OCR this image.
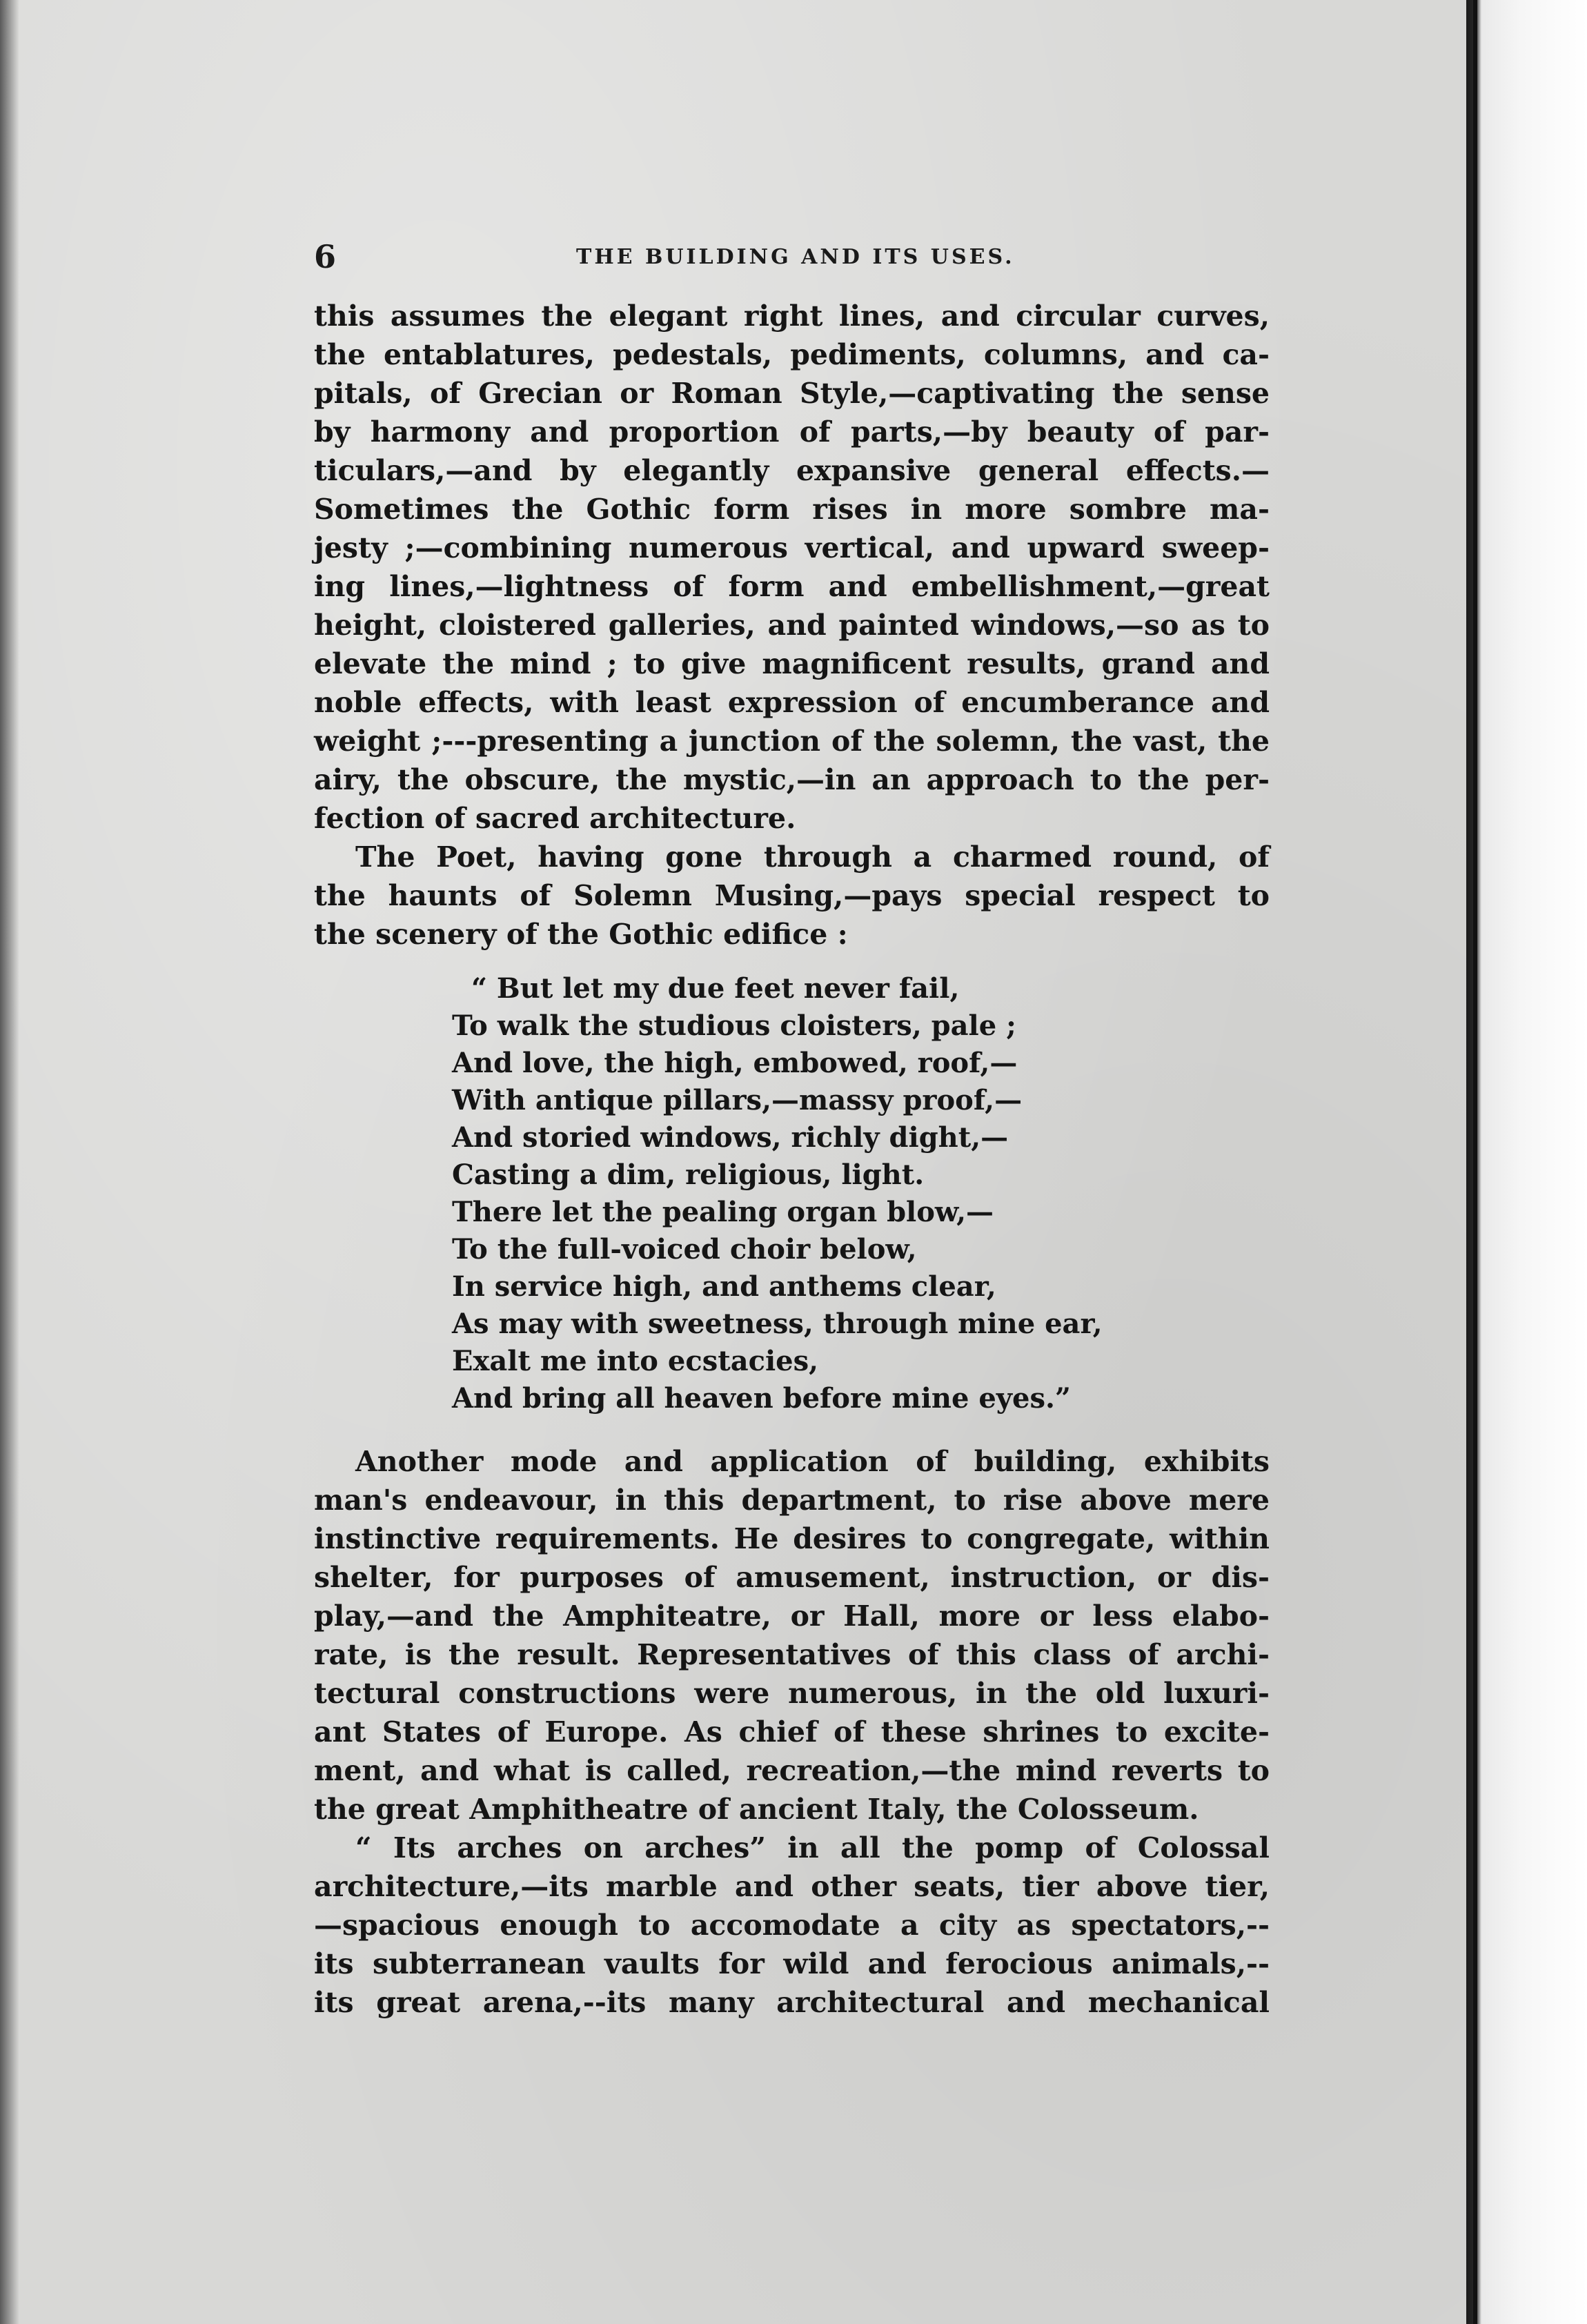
6	THE BUILDING AND ITS USES.
this assumes the elegant right lines, and circular curves,
the entablatures, pedestals, pediments, columns, and ca-
pitals, of Grecian or Roman Style,—captivating the sense
by harmony and proportion of parts,—by beauty of par-
ticulars,—and by elegantly expansive general effects.—
Sometimes the Gothic form rises in more sombre ma-
jesty ;—combining numerous vertical, and upward sweep-
ing lines,—lightness of form and embellishment,—great
height, cloistered galleries, and painted windows,—so as to
elevate the mind ; to give magnificent results, grand and
noble effects, with least expression of encumberance and
weight ;---presenting a junction of the solemn, the vast, the
airy, the obscure, the mystic,—in an approach to the per-
fection of sacred architecture.
The Poet, having gone through a charmed round, of
the haunts of Solemn Musing,—pays special respect to
the scenery of the Gothic edifice :
“ But let my due feet never fail,
To walk the studious cloisters, pale ;
And love, the high, embowed, roof,—
With antique pillars,—massy proof,—
And storied windows, richly dight,—
Casting a dim, religious, light.
There let the pealing organ blow,—
To the full-voiced choir below,
In service high, and anthems clear,
As may with sweetness, through mine ear,
Exalt me into ecstacies,
And bring all heaven before mine eyes.”
Another mode and application of building, exhibits
man's endeavour, in this department, to rise above mere
instinctive requirements. He desires to congregate, within
shelter, for purposes of amusement, instruction, or dis-
play,—and the Amphiteatre, or Hall, more or less elabo-
rate, is the result. Representatives of this class of archi-
tectural constructions were numerous, in the old luxuri-
ant States of Europe. As chief of these shrines to excite-
ment, and what is called, recreation,—the mind reverts to
the great Amphitheatre of ancient Italy, the Colosseum.
“ Its arches on arches” in all the pomp of Colossal
architecture,—its marble and other seats, tier above tier,
—spacious enough to accomodate a city as spectators,--
its subterranean vaults for wild and ferocious animals,--
its great arena,--its many architectural and mechanical
